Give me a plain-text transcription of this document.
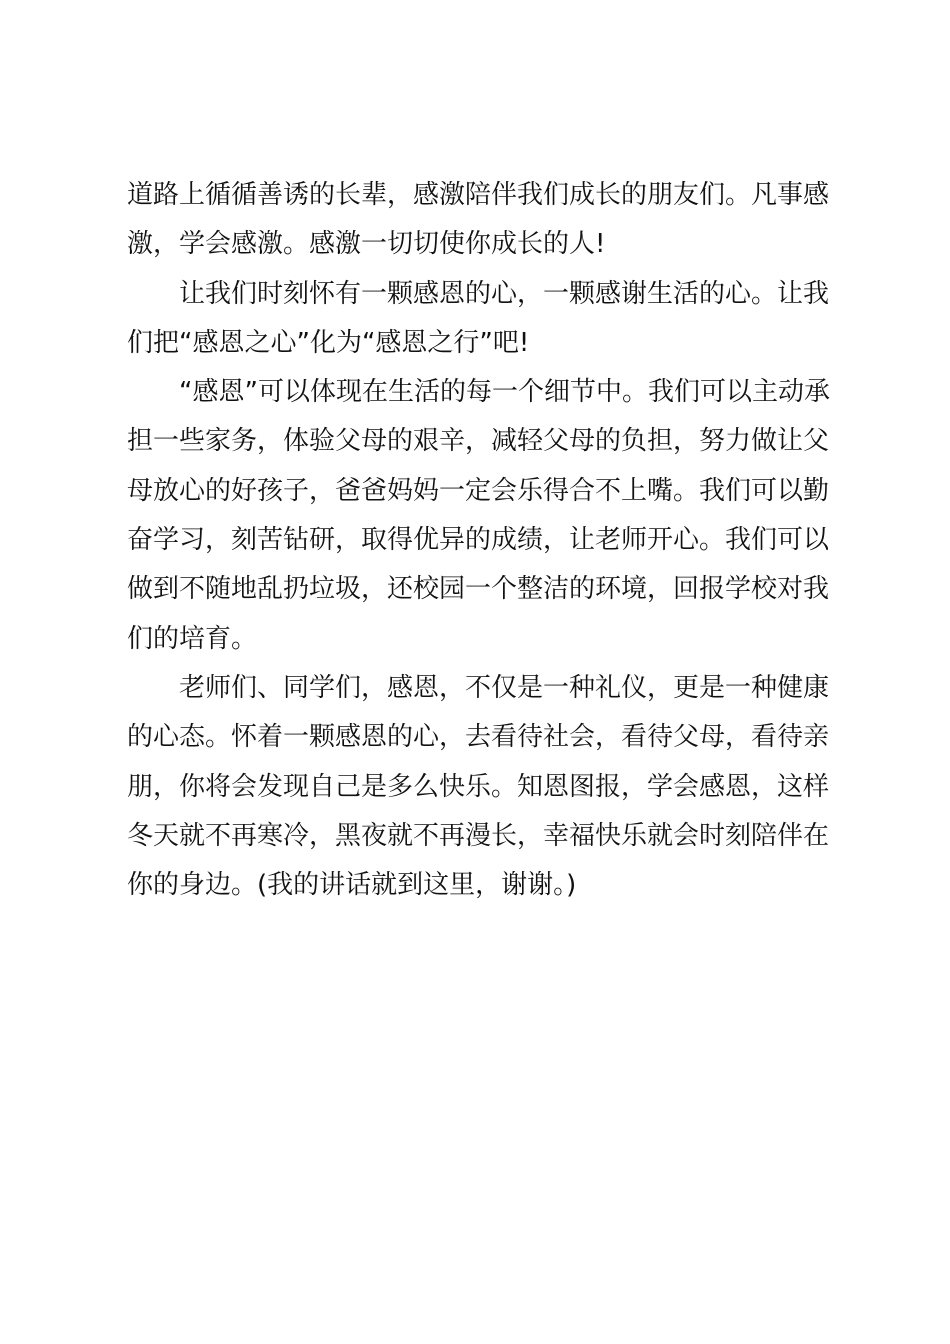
道路上循循善诱的长辈，感激陪伴我们成长的朋友们。凡事感
激，学会感激。感激一切切使你成长的人!
让我们时刻怀有一颗感恩的心，一颗感谢生活的心。让我
们把“感恩之心”化为“感恩之行”吧!
“感恩”可以体现在生活的每一个细节中。我们可以主动承
担一些家务，体验父母的艰辛，减轻父母的负担，努力做让父
母放心的好孩子，爸爸妈妈一定会乐得合不上嘴。我们可以勤
奋学习，刻苦钻研，取得优异的成绩，让老师开心。我们可以
做到不随地乱扔垃圾，还校园一个整洁的环境，回报学校对我
们的培育。
老师们、同学们，感恩，不仅是一种礼仪，更是一种健康
的心态。怀着一颗感恩的心，去看待社会，看待父母，看待亲
朋，你将会发现自己是多么快乐。知恩图报，学会感恩，这样
冬天就不再寒冷，黑夜就不再漫长，幸福快乐就会时刻陪伴在
你的身边。(我的讲话就到这里，谢谢。)
